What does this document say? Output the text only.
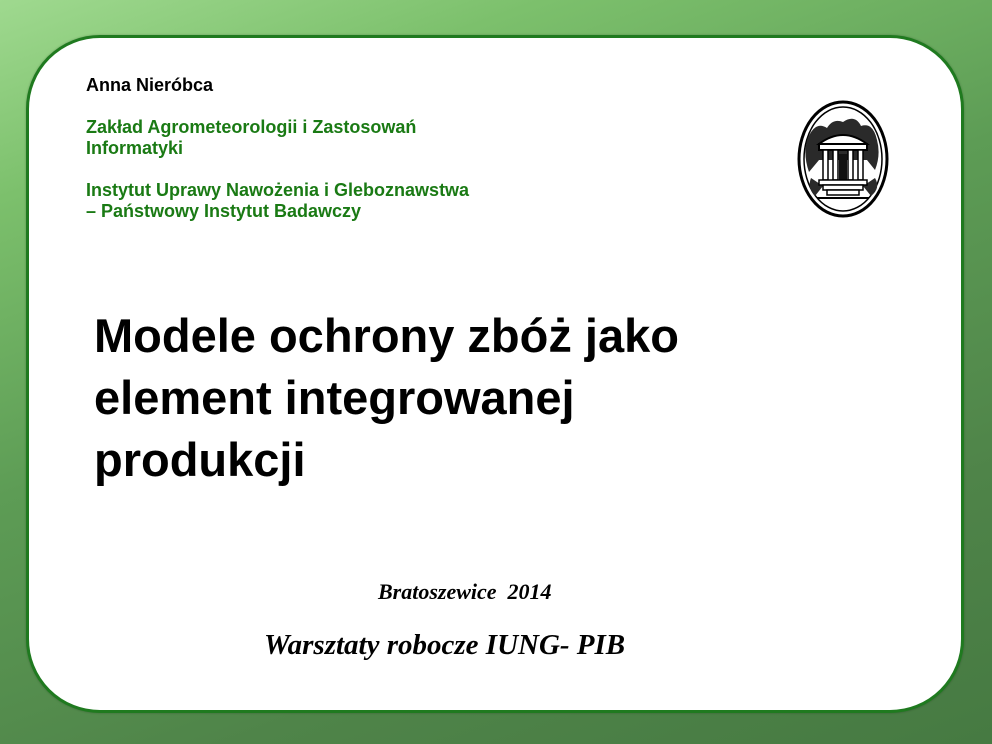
Anna Nieróbca
Zakład Agrometeorologii i Zastosowań
Informatyki
Instytut Uprawy Nawożenia i Gleboznawstwa
– Państwowy Instytut Badawczy
Modele ochrony zbóż jako
element integrowanej
produkcji
Bratoszewice  2014
Warsztaty robocze IUNG- PIB
